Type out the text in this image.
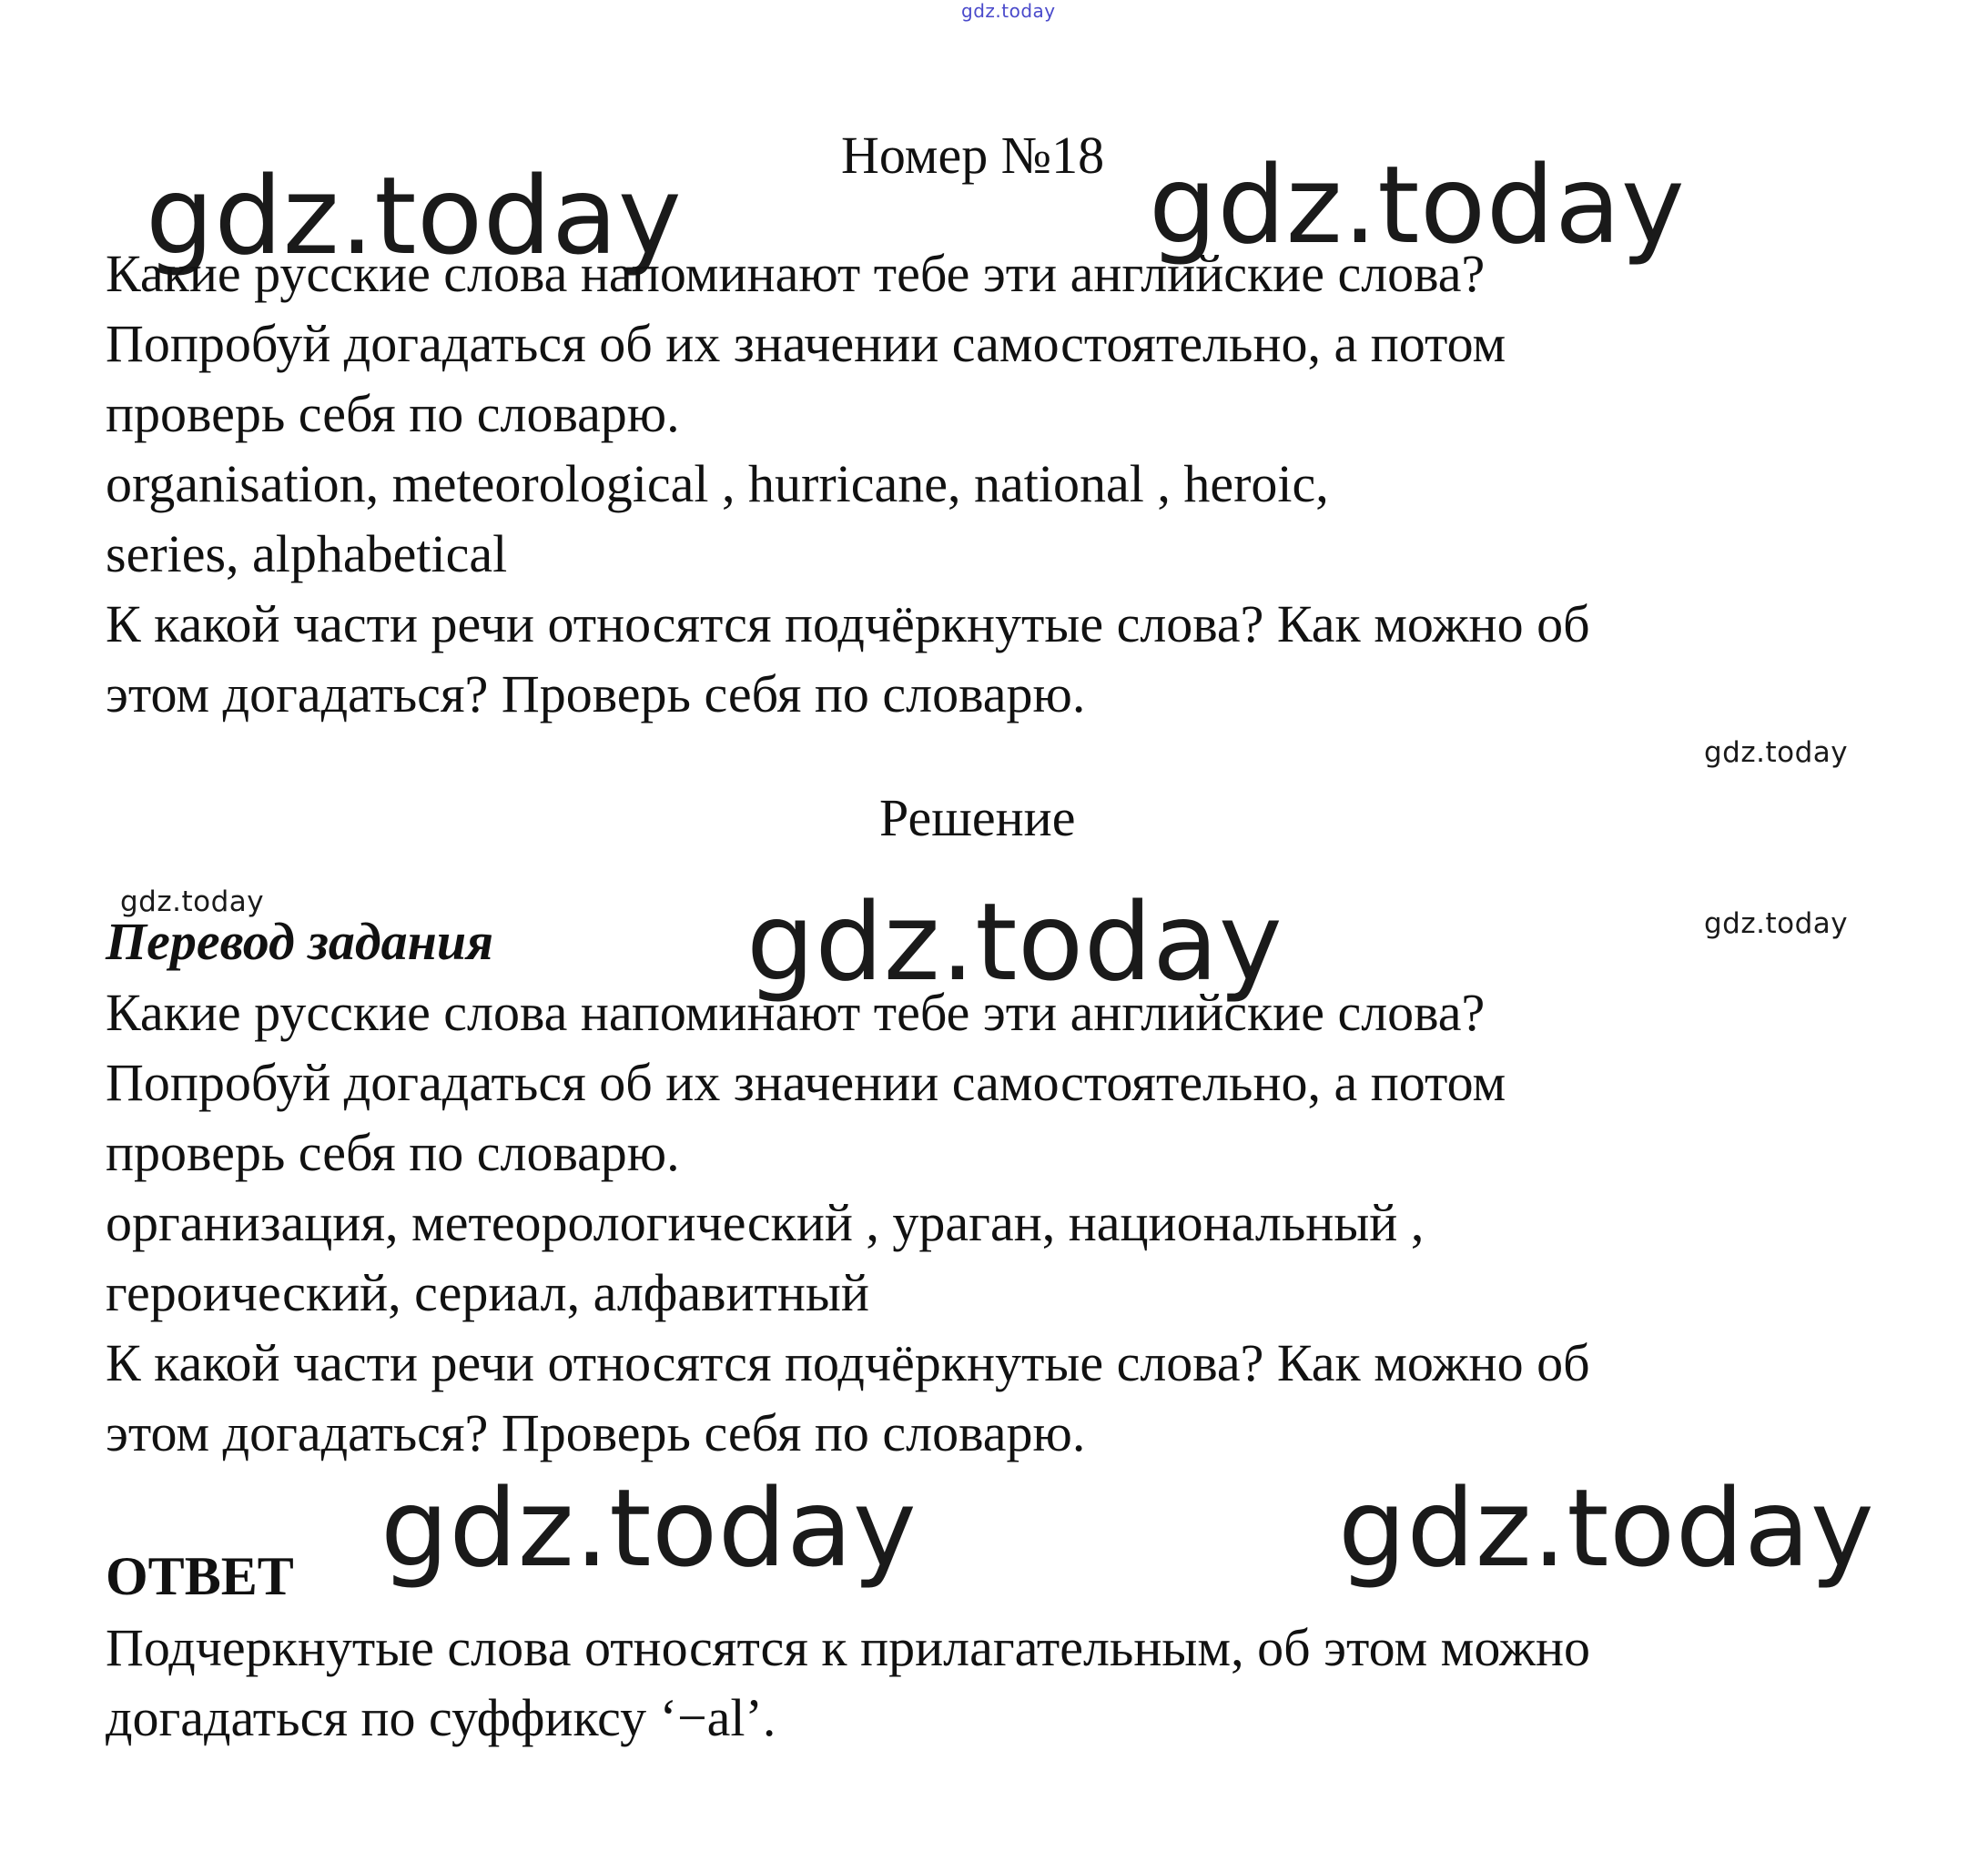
gdz.today
gdz.today	gdz.today
gdz.today
gdz.today	gdz.today	gdz.today
gdz.today	gdz.today
Номер №18
Какие русские слова напоминают тебе эти английские слова?
Попробуй догадаться об их значении самостоятельно, а потом
проверь себя по словарю.
organisation, meteorological , hurricane, national , heroic,
series, alphabetical
К какой части речи относятся подчёркнутые слова? Как можно об
этом догадаться? Проверь себя по словарю.
Решение
Перевод задания
Какие русские слова напоминают тебе эти английские слова?
Попробуй догадаться об их значении самостоятельно, а потом
проверь себя по словарю.
организация, метеорологический , ураган, национальный ,
героический, сериал, алфавитный
К какой части речи относятся подчёркнутые слова? Как можно об
этом догадаться? Проверь себя по словарю.
ОТВЕТ
Подчеркнутые слова относятся к прилагательным, об этом можно
догадаться по суффиксу ‘−al’.
